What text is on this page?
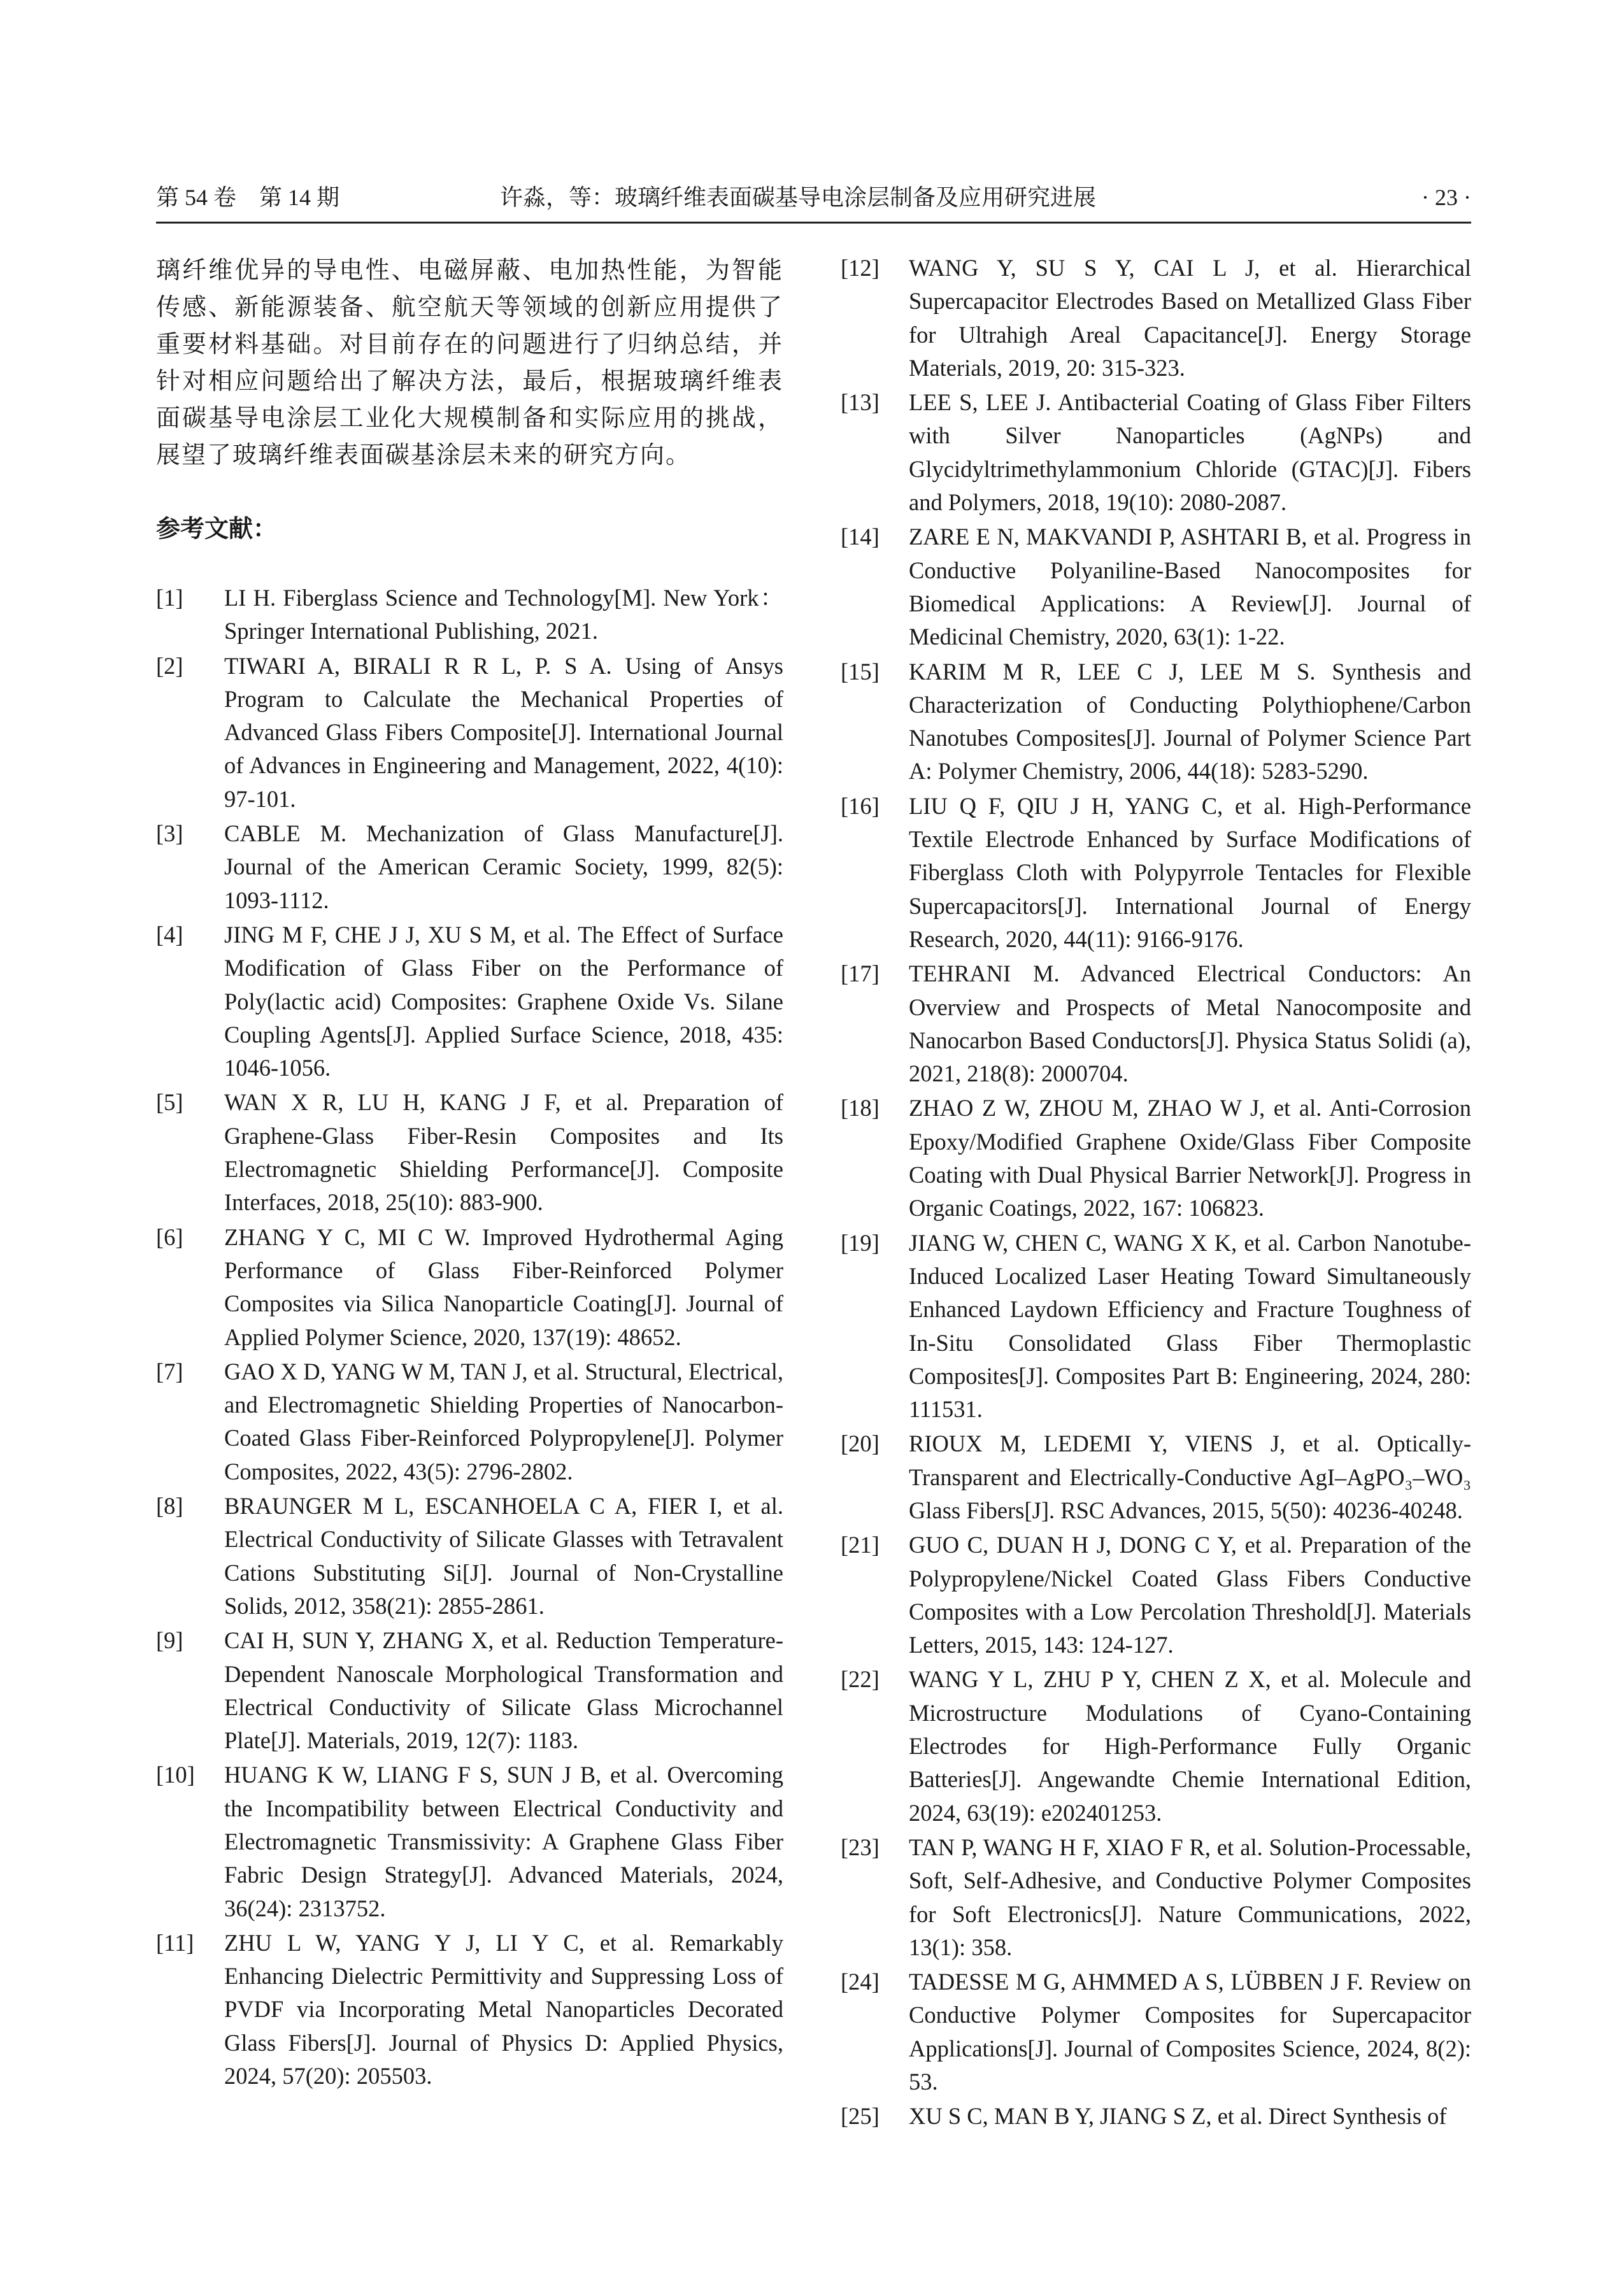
第 54 卷　第 14 期	许淼，等：玻璃纤维表面碳基导电涂层制备及应用研究进展	· 23 ·

璃纤维优异的导电性、电磁屏蔽、电加热性能，为智能传感、新能源装备、航空航天等领域的创新应用提供了重要材料基础。对目前存在的问题进行了归纳总结，并针对相应问题给出了解决方法，最后，根据玻璃纤维表面碳基导电涂层工业化大规模制备和实际应用的挑战，展望了玻璃纤维表面碳基涂层未来的研究方向。

参考文献：
[1] LI H. Fiberglass Science and Technology[M]. New York： Springer International Publishing, 2021.
[2] TIWARI A, BIRALI R R L, P. S A. Using of Ansys Program to Calculate the Mechanical Properties of Advanced Glass Fibers Composite[J]. International Journal of Advances in Engineering and Management, 2022, 4(10): 97-101.
[3] CABLE M. Mechanization of Glass Manufacture[J]. Journal of the American Ceramic Society, 1999, 82(5): 1093-1112.
[4] JING M F, CHE J J, XU S M, et al. The Effect of Surface Modification of Glass Fiber on the Performance of Poly(lactic acid) Composites: Graphene Oxide Vs. Silane Coupling Agents[J]. Applied Surface Science, 2018, 435: 1046-1056.
[5] WAN X R, LU H, KANG J F, et al. Preparation of Graphene-Glass Fiber-Resin Composites and Its Electromagnetic Shielding Performance[J]. Composite Interfaces, 2018, 25(10): 883-900.
[6] ZHANG Y C, MI C W. Improved Hydrothermal Aging Performance of Glass Fiber-Reinforced Polymer Composites via Silica Nanoparticle Coating[J]. Journal of Applied Polymer Science, 2020, 137(19): 48652.
[7] GAO X D, YANG W M, TAN J, et al. Structural, Electrical, and Electromagnetic Shielding Properties of Nanocarbon-Coated Glass Fiber-Reinforced Polypropylene[J]. Polymer Composites, 2022, 43(5): 2796-2802.
[8] BRAUNGER M L, ESCANHOELA C A, FIER I, et al. Electrical Conductivity of Silicate Glasses with Tetravalent Cations Substituting Si[J]. Journal of Non-Crystalline Solids, 2012, 358(21): 2855-2861.
[9] CAI H, SUN Y, ZHANG X, et al. Reduction Temperature-Dependent Nanoscale Morphological Transformation and Electrical Conductivity of Silicate Glass Microchannel Plate[J]. Materials, 2019, 12(7): 1183.
[10] HUANG K W, LIANG F S, SUN J B, et al. Overcoming the Incompatibility between Electrical Conductivity and Electromagnetic Transmissivity: A Graphene Glass Fiber Fabric Design Strategy[J]. Advanced Materials, 2024, 36(24): 2313752.
[11] ZHU L W, YANG Y J, LI Y C, et al. Remarkably Enhancing Dielectric Permittivity and Suppressing Loss of PVDF via Incorporating Metal Nanoparticles Decorated Glass Fibers[J]. Journal of Physics D: Applied Physics, 2024, 57(20): 205503.
[12] WANG Y, SU S Y, CAI L J, et al. Hierarchical Supercapacitor Electrodes Based on Metallized Glass Fiber for Ultrahigh Areal Capacitance[J]. Energy Storage Materials, 2019, 20: 315-323.
[13] LEE S, LEE J. Antibacterial Coating of Glass Fiber Filters with Silver Nanoparticles (AgNPs) and Glycidyltrimethylammonium Chloride (GTAC)[J]. Fibers and Polymers, 2018, 19(10): 2080-2087.
[14] ZARE E N, MAKVANDI P, ASHTARI B, et al. Progress in Conductive Polyaniline-Based Nanocomposites for Biomedical Applications: A Review[J]. Journal of Medicinal Chemistry, 2020, 63(1): 1-22.
[15] KARIM M R, LEE C J, LEE M S. Synthesis and Characterization of Conducting Polythiophene/Carbon Nanotubes Composites[J]. Journal of Polymer Science Part A: Polymer Chemistry, 2006, 44(18): 5283-5290.
[16] LIU Q F, QIU J H, YANG C, et al. High-Performance Textile Electrode Enhanced by Surface Modifications of Fiberglass Cloth with Polypyrrole Tentacles for Flexible Supercapacitors[J]. International Journal of Energy Research, 2020, 44(11): 9166-9176.
[17] TEHRANI M. Advanced Electrical Conductors: An Overview and Prospects of Metal Nanocomposite and Nanocarbon Based Conductors[J]. Physica Status Solidi (a), 2021, 218(8): 2000704.
[18] ZHAO Z W, ZHOU M, ZHAO W J, et al. Anti-Corrosion Epoxy/Modified Graphene Oxide/Glass Fiber Composite Coating with Dual Physical Barrier Network[J]. Progress in Organic Coatings, 2022, 167: 106823.
[19] JIANG W, CHEN C, WANG X K, et al. Carbon Nanotube-Induced Localized Laser Heating Toward Simultaneously Enhanced Laydown Efficiency and Fracture Toughness of In-Situ Consolidated Glass Fiber Thermoplastic Composites[J]. Composites Part B: Engineering, 2024, 280: 111531.
[20] RIOUX M, LEDEMI Y, VIENS J, et al. Optically-Transparent and Electrically-Conductive AgI–AgPO₃–WO₃ Glass Fibers[J]. RSC Advances, 2015, 5(50): 40236-40248.
[21] GUO C, DUAN H J, DONG C Y, et al. Preparation of the Polypropylene/Nickel Coated Glass Fibers Conductive Composites with a Low Percolation Threshold[J]. Materials Letters, 2015, 143: 124-127.
[22] WANG Y L, ZHU P Y, CHEN Z X, et al. Molecule and Microstructure Modulations of Cyano-Containing Electrodes for High-Performance Fully Organic Batteries[J]. Angewandte Chemie International Edition, 2024, 63(19): e202401253.
[23] TAN P, WANG H F, XIAO F R, et al. Solution-Processable, Soft, Self-Adhesive, and Conductive Polymer Composites for Soft Electronics[J]. Nature Communications, 2022, 13(1): 358.
[24] TADESSE M G, AHMMED A S, LÜBBEN J F. Review on Conductive Polymer Composites for Supercapacitor Applications[J]. Journal of Composites Science, 2024, 8(2): 53.
[25] XU S C, MAN B Y, JIANG S Z, et al. Direct Synthesis of
